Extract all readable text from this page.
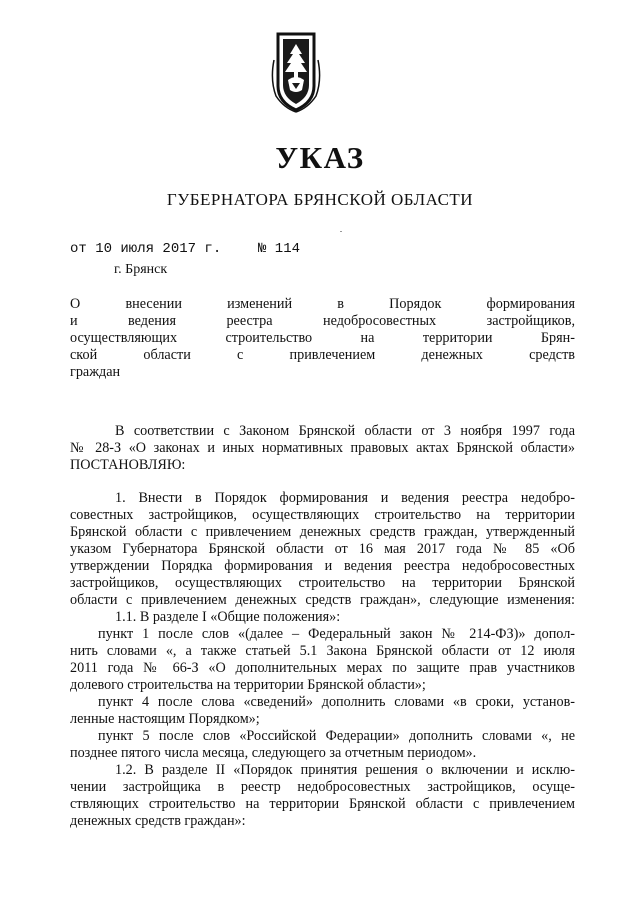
УКАЗ
ГУБЕРНАТОРА БРЯНСКОЙ ОБЛАСТИ
от 10 июля 2017 г.	№ 114
г. Брянск
О внесении изменений в Порядок формирования
и ведения реестра недобросовестных застройщиков,
осуществляющих строительство на территории Брян-
ской области с привлечением денежных средств
граждан
В соответствии с Законом Брянской области от 3 ноября 1997 года
№ 28-З «О законах и иных нормативных правовых актах Брянской области»
ПОСТАНОВЛЯЮ:
1. Внести в Порядок формирования и ведения реестра недобро-
совестных застройщиков, осуществляющих строительство на территории
Брянской области с привлечением денежных средств граждан, утвержденный
указом Губернатора Брянской области от 16 мая 2017 года № 85 «Об
утверждении Порядка формирования и ведения реестра недобросовестных
застройщиков, осуществляющих строительство на территории Брянской
области с привлечением денежных средств граждан», следующие изменения:
1.1. В разделе I «Общие положения»:
пункт 1 после слов «(далее – Федеральный закон № 214-ФЗ)» допол-
нить словами «, а также статьей 5.1 Закона Брянской области от 12 июля
2011 года № 66-З «О дополнительных мерах по защите прав участников
долевого строительства на территории Брянской области»;
пункт 4 после слова «сведений» дополнить словами «в сроки, установ-
ленные настоящим Порядком»;
пункт 5 после слов «Российской Федерации» дополнить словами «, не
позднее пятого числа месяца, следующего за отчетным периодом».
1.2. В разделе II «Порядок принятия решения о включении и исклю-
чении застройщика в реестр недобросовестных застройщиков, осуще-
ствляющих строительство на территории Брянской области с привлечением
денежных средств граждан»:
